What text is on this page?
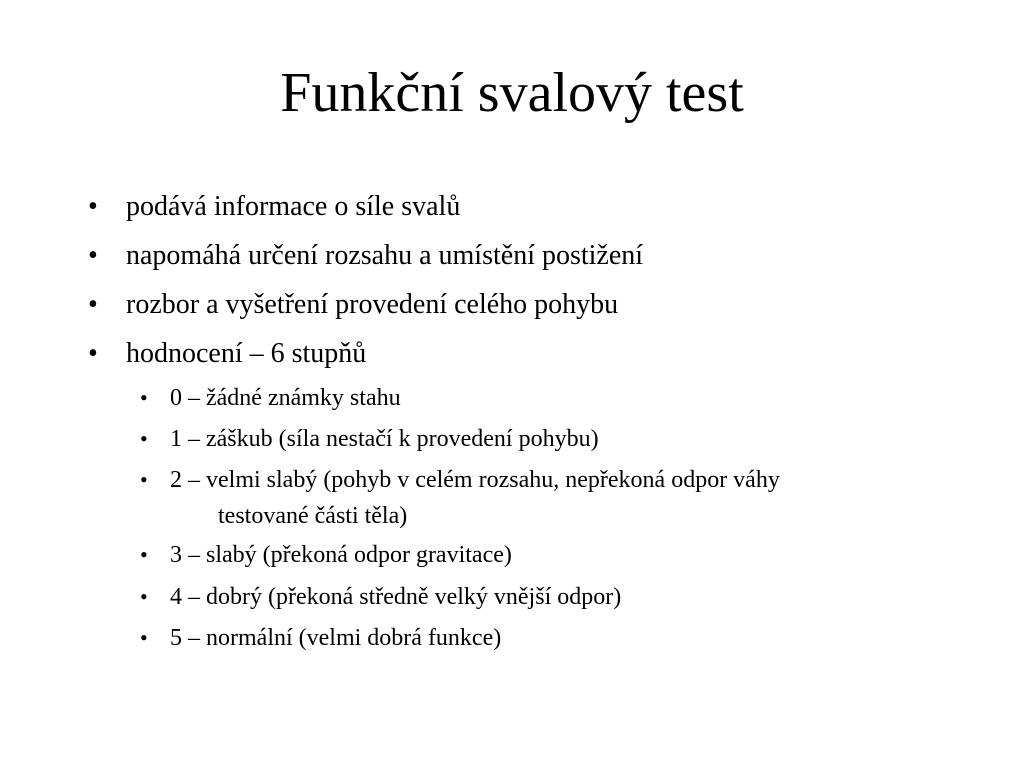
Funkční svalový test
• podává informace o síle svalů
• napomáhá určení rozsahu a umístění postižení
• rozbor a vyšetření provedení celého pohybu
• hodnocení – 6 stupňů
• 0 – žádné známky stahu
• 1 – záškub (síla nestačí k provedení pohybu)
• 2 – velmi slabý (pohyb v celém rozsahu, nepřekoná odpor váhy
testované části těla)
• 3 – slabý (překoná odpor gravitace)
• 4 – dobrý (překoná středně velký vnější odpor)
• 5 – normální (velmi dobrá funkce)
